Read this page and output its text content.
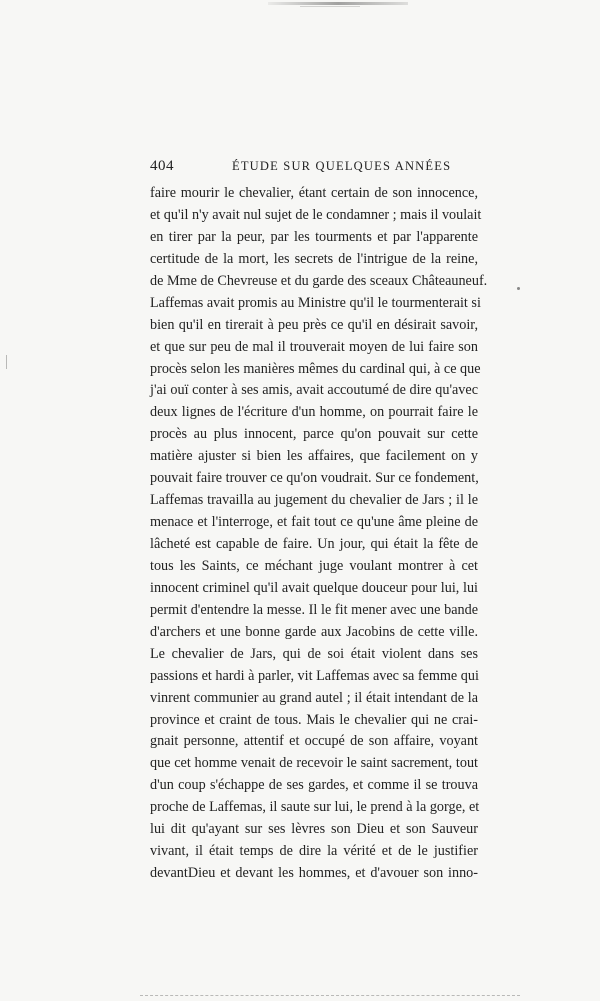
404	ÉTUDE SUR QUELQUES ANNÉES
faire mourir le chevalier, étant certain de son innocence,
et qu'il n'y avait nul sujet de le condamner ; mais il voulait
en tirer par la peur, par les tourments et par l'apparente
certitude de la mort, les secrets de l'intrigue de la reine,
de Mme de Chevreuse et du garde des sceaux Châteauneuf.
Laffemas avait promis au Ministre qu'il le tourmenterait si
bien qu'il en tirerait à peu près ce qu'il en désirait savoir,
et que sur peu de mal il trouverait moyen de lui faire son
procès selon les manières mêmes du cardinal qui, à ce que
j'ai ouï conter à ses amis, avait accoutumé de dire qu'avec
deux lignes de l'écriture d'un homme, on pourrait faire le
procès au plus innocent, parce qu'on pouvait sur cette
matière ajuster si bien les affaires, que facilement on y
pouvait faire trouver ce qu'on voudrait. Sur ce fondement,
Laffemas travailla au jugement du chevalier de Jars ; il le
menace et l'interroge, et fait tout ce qu'une âme pleine de
lâcheté est capable de faire. Un jour, qui était la fête de
tous les Saints, ce méchant juge voulant montrer à cet
innocent criminel qu'il avait quelque douceur pour lui, lui
permit d'entendre la messe. Il le fit mener avec une bande
d'archers et une bonne garde aux Jacobins de cette ville.
Le chevalier de Jars, qui de soi était violent dans ses
passions et hardi à parler, vit Laffemas avec sa femme qui
vinrent communier au grand autel ; il était intendant de la
province et craint de tous. Mais le chevalier qui ne crai-
gnait personne, attentif et occupé de son affaire, voyant
que cet homme venait de recevoir le saint sacrement, tout
d'un coup s'échappe de ses gardes, et comme il se trouva
proche de Laffemas, il saute sur lui, le prend à la gorge, et
lui dit qu'ayant sur ses lèvres son Dieu et son Sauveur
vivant, il était temps de dire la vérité et de le justifier
devantDieu et devant les hommes, et d'avouer son inno-
